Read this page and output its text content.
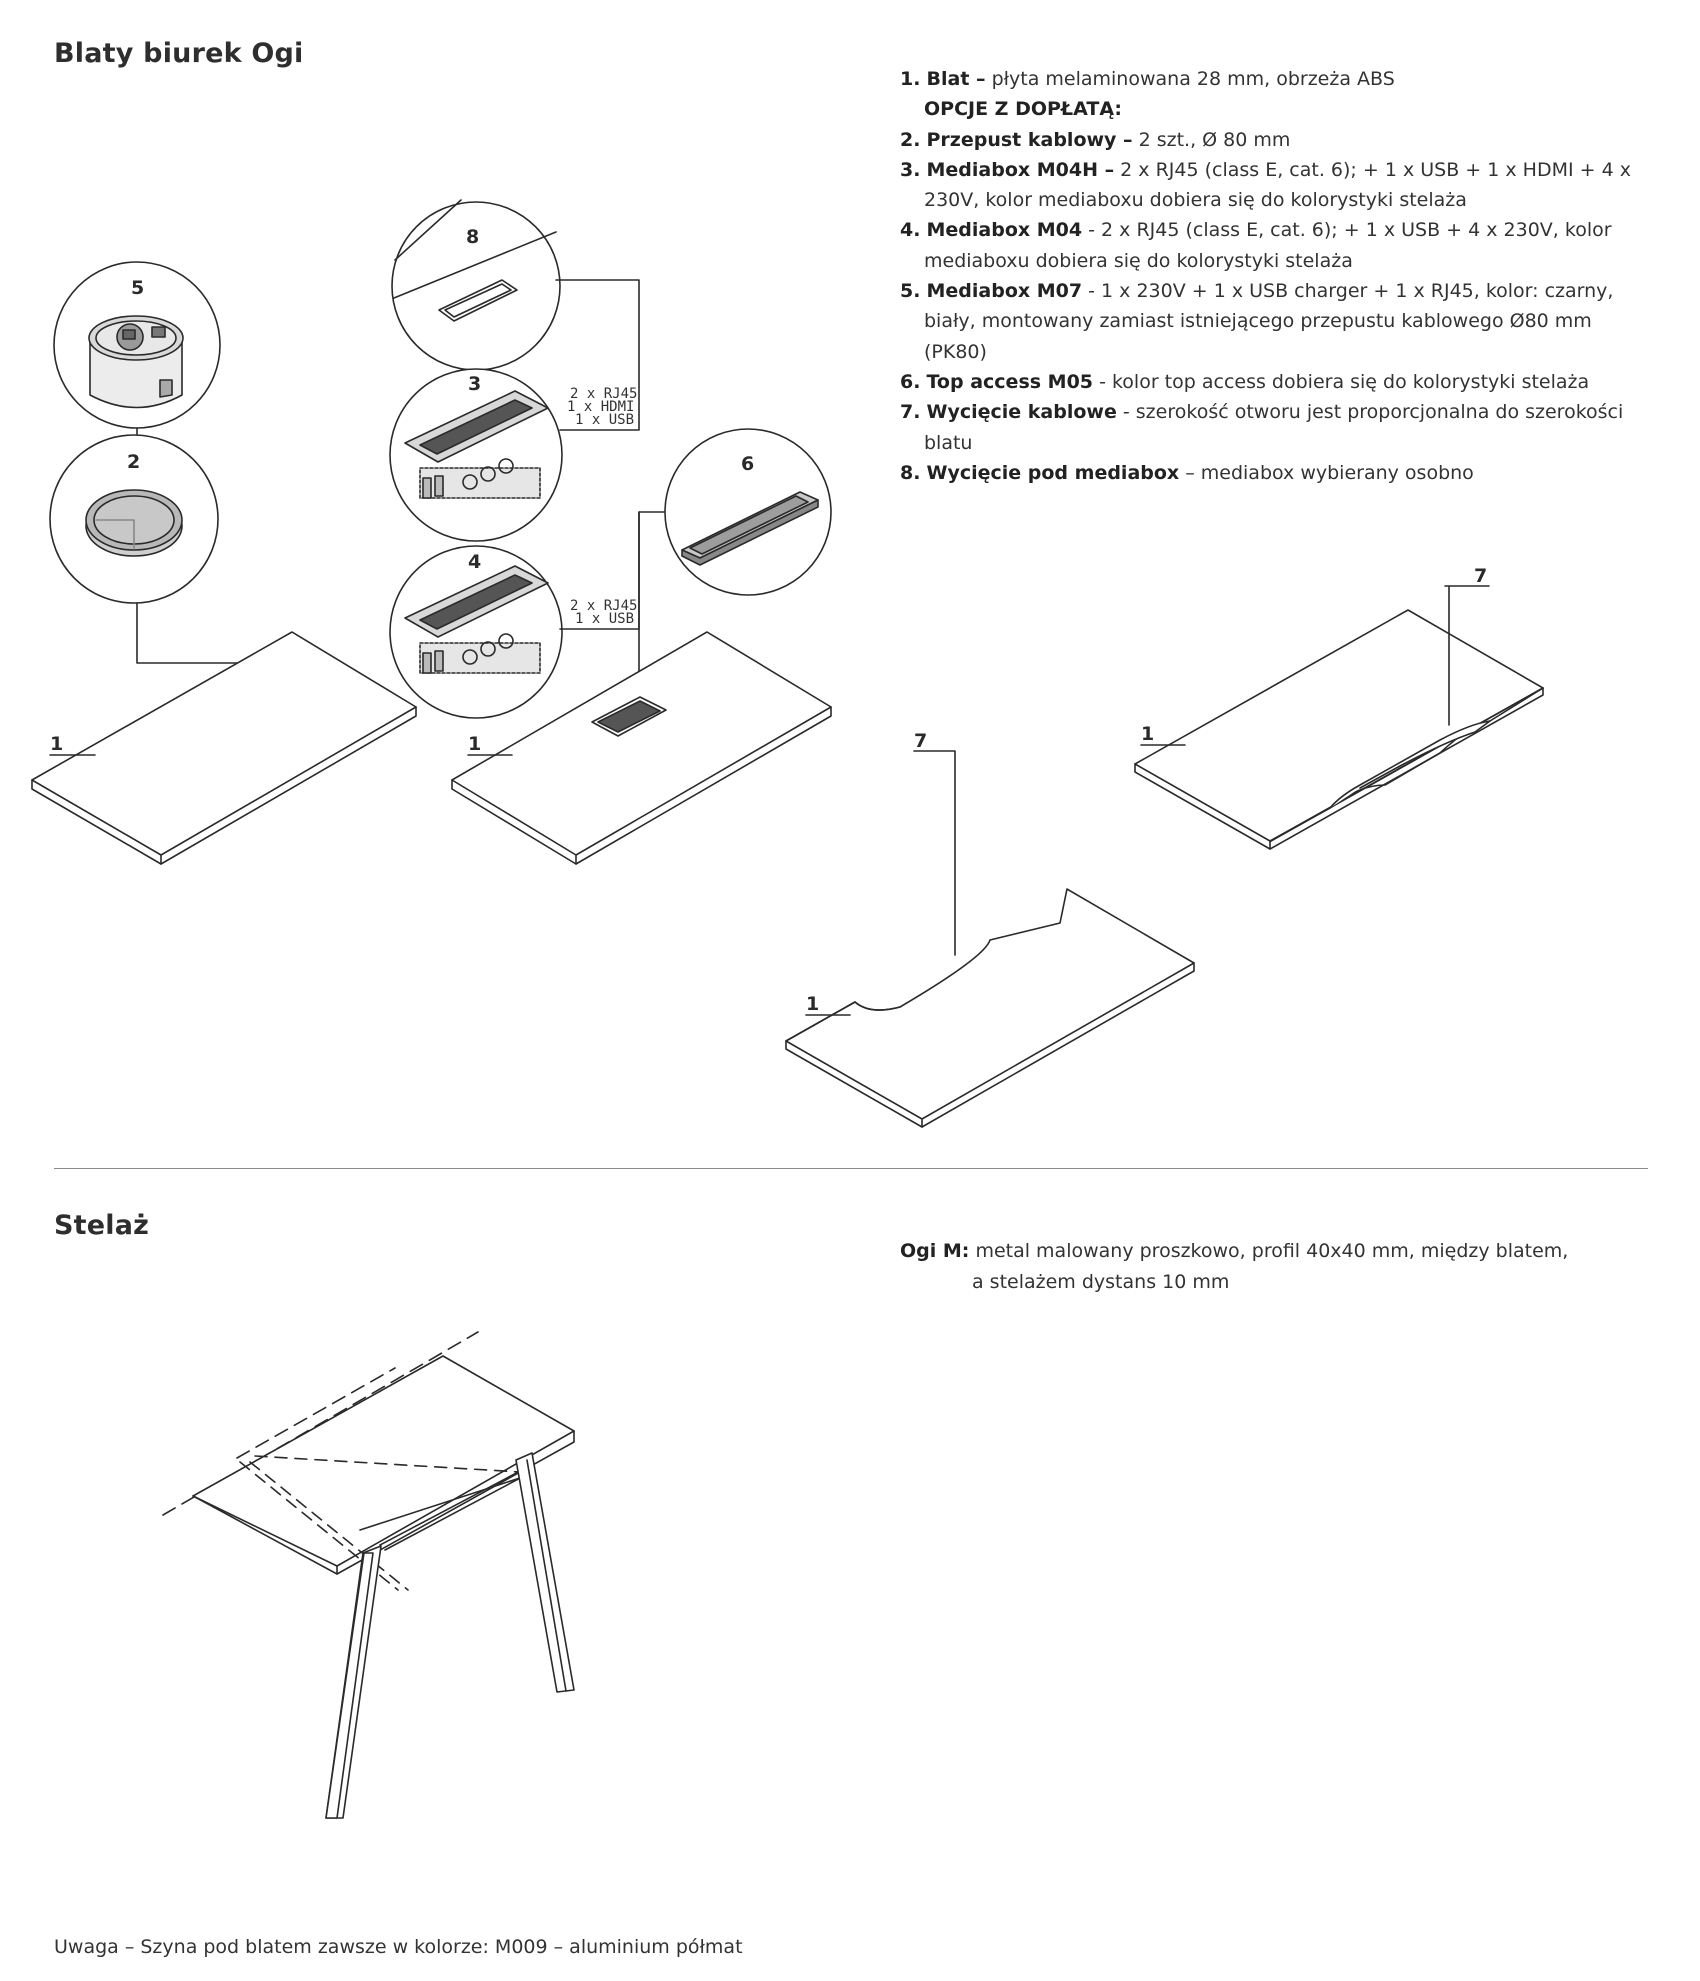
Blaty biurek Ogi
1. Blat – płyta melaminowana 28 mm, obrzeża ABS
OPCJE Z DOPŁATĄ:
2. Przepust kablowy – 2 szt., Ø 80 mm
3. Mediabox M04H – 2 x RJ45 (class E, cat. 6); + 1 x USB + 1 x HDMI + 4 x
230V, kolor mediaboxu dobiera się do kolorystyki stelaża
4. Mediabox M04 - 2 x RJ45 (class E, cat. 6); + 1 x USB + 4 x 230V, kolor
mediaboxu dobiera się do kolorystyki stelaża
5. Mediabox M07 - 1 x 230V + 1 x USB charger + 1 x RJ45, kolor: czarny,
biały, montowany zamiast istniejącego przepustu kablowego Ø80 mm
(PK80)
6. Top access M05 - kolor top access dobiera się do kolorystyki stelaża
7. Wycięcie kablowe - szerokość otworu jest proporcjonalna do szerokości
blatu
8. Wycięcie pod mediabox – mediabox wybierany osobno
5
2
1
8
3	2 x RJ45
1 x HDMI
1 x USB
4
2 x RJ45
1 x USB
6
1
1
7	1
7
Stelaż
Ogi M: metal malowany proszkowo, profil 40x40 mm, między blatem,
a stelażem dystans 10 mm
Uwaga – Szyna pod blatem zawsze w kolorze: M009 – aluminium półmat
